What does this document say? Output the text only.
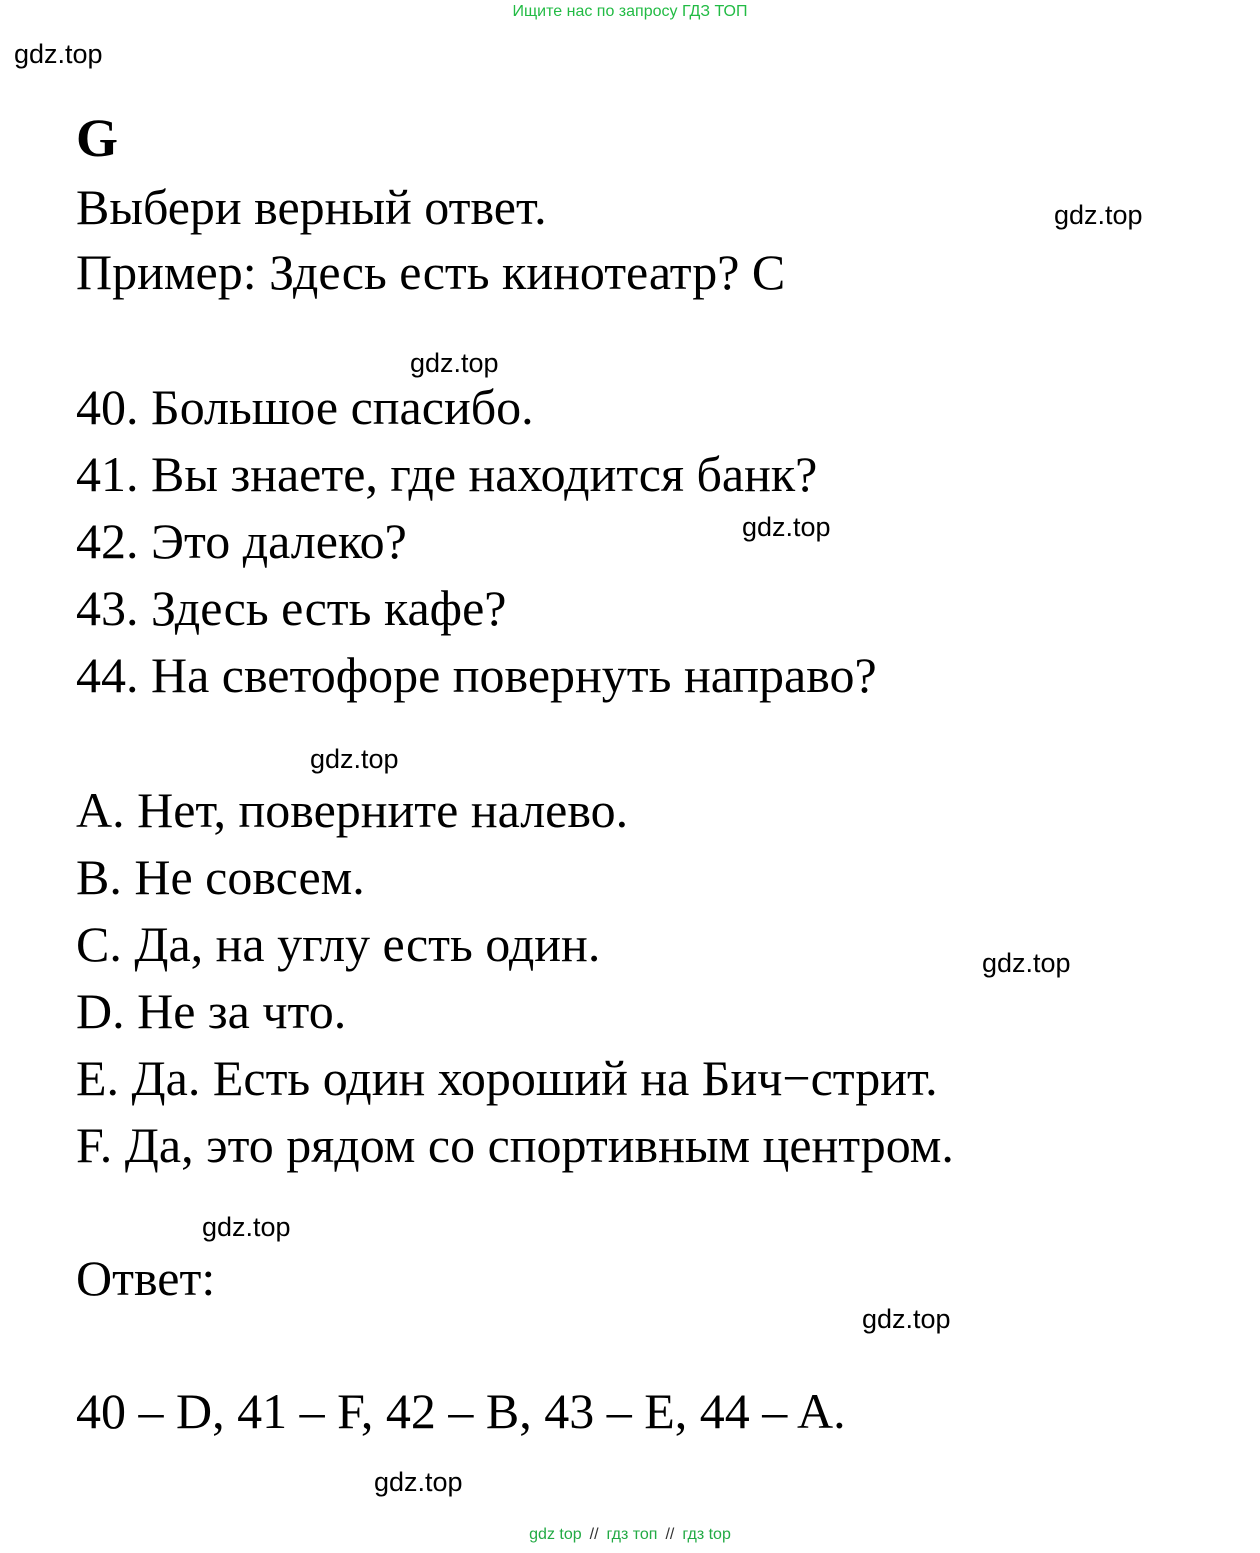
Ищите нас по запросу ГДЗ ТОП
gdz.top
gdz.top
gdz.top
gdz.top
gdz.top
gdz.top
gdz.top
gdz.top
gdz.top
G
Выбери верный ответ.
Пример: Здесь есть кинотеатр? C
40. Большое спасибо.
41. Вы знаете, где находится банк?
42. Это далеко?
43. Здесь есть кафе?
44. На светофоре повернуть направо?
A. Нет, поверните налево.
B. Не совсем.
C. Да, на углу есть один.
D. Не за что.
E. Да. Есть один хороший на Бич−стрит.
F. Да, это рядом со спортивным центром.
Ответ:
40 – D, 41 – F, 42 – B, 43 – E, 44 – A.
gdz top // гдз топ // гдз top
